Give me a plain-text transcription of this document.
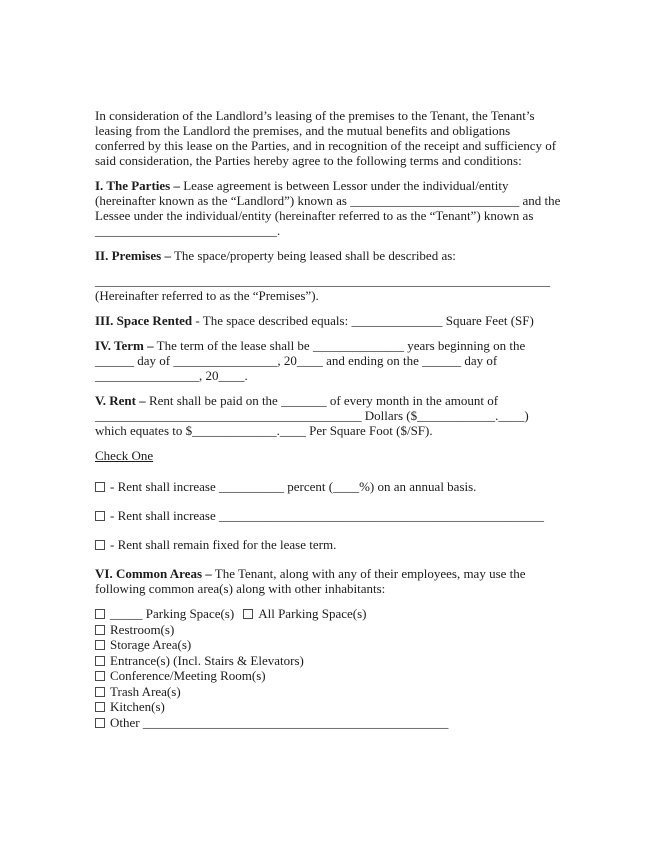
In consideration of the Landlord’s leasing of the premises to the Tenant, the Tenant’s leasing from the Landlord the premises, and the mutual benefits and obligations conferred by this lease on the Parties, and in recognition of the receipt and sufficiency of said consideration, the Parties hereby agree to the following terms and conditions:

I. The Parties – Lease agreement is between Lessor under the individual/entity (hereinafter known as the “Landlord”) known as __________________________ and the Lessee under the individual/entity (hereinafter referred to as the “Tenant”) known as ____________________________.

II. Premises – The space/property being leased shall be described as:

______________________________________________________________________
(Hereinafter referred to as the “Premises”).

III. Space Rented - The space described equals: ______________ Square Feet (SF)

IV. Term – The term of the lease shall be ______________ years beginning on the ______ day of ________________, 20____ and ending on the ______ day of ________________, 20____.

V. Rent – Rent shall be paid on the _______ of every month in the amount of _________________________________________ Dollars ($____________.____) which equates to $_____________.____ Per Square Foot ($/SF).

Check One

- Rent shall increase __________ percent (____%) on an annual basis.

- Rent shall increase __________________________________________________

- Rent shall remain fixed for the lease term.

VI. Common Areas – The Tenant, along with any of their employees, may use the following common area(s) along with other inhabitants:

_____ Parking Space(s) All Parking Space(s)

Restroom(s)

Storage Area(s)

Entrance(s) (Incl. Stairs & Elevators)

Conference/Meeting Room(s)

Trash Area(s)

Kitchen(s)

Other _______________________________________________
